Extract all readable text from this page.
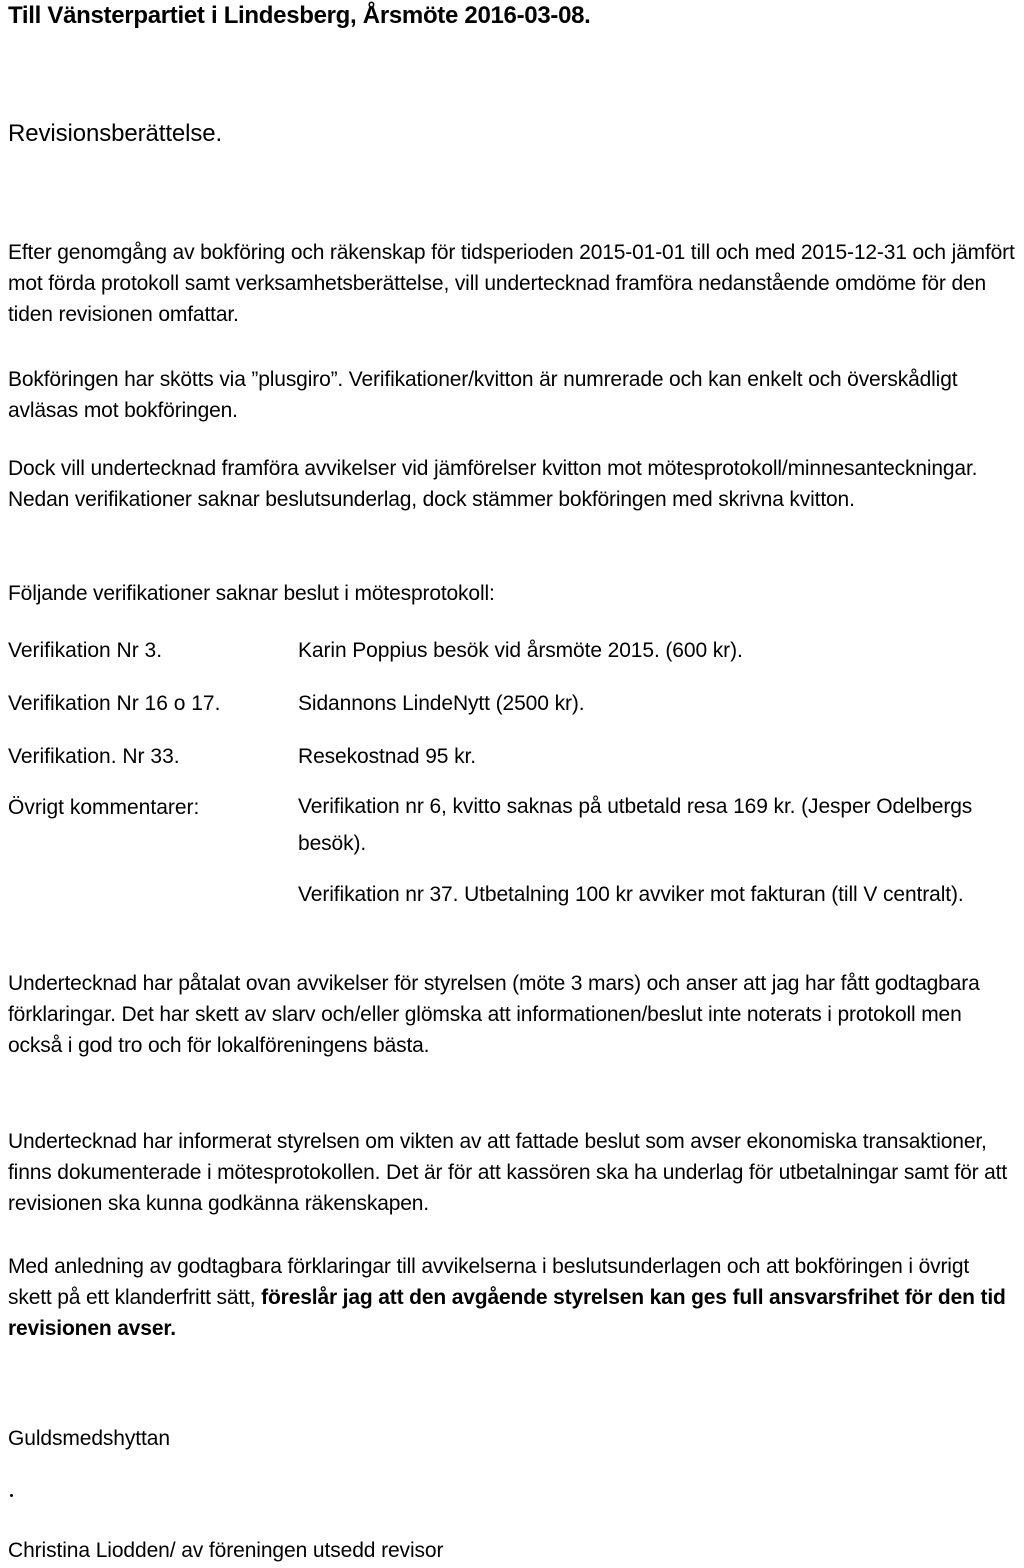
Till Vänsterpartiet i Lindesberg, Årsmöte 2016-03-08.
Revisionsberättelse.
Efter genomgång av bokföring och räkenskap för tidsperioden 2015-01-01 till och med 2015-12-31 och jämfört mot förda protokoll samt verksamhetsberättelse, vill undertecknad framföra nedanstående omdöme för den tiden revisionen omfattar.
Bokföringen har skötts via ”plusgiro”. Verifikationer/kvitton är numrerade och kan enkelt och överskådligt avläsas mot bokföringen.
Dock vill undertecknad framföra avvikelser vid jämförelser kvitton mot mötesprotokoll/minnesanteckningar. Nedan verifikationer saknar beslutsunderlag, dock stämmer bokföringen med skrivna kvitton.
Följande verifikationer saknar beslut i mötesprotokoll:
Verifikation Nr 3.	Karin Poppius besök vid årsmöte 2015. (600 kr).
Verifikation Nr 16 o 17.	Sidannons LindeNytt (2500 kr).
Verifikation. Nr 33.	Resekostnad 95 kr.
Övrigt kommentarer:	Verifikation nr 6, kvitto saknas på utbetald resa 169 kr. (Jesper Odelbergs besök).
Verifikation nr 37. Utbetalning 100 kr avviker mot fakturan (till V centralt).
Undertecknad har påtalat ovan avvikelser för styrelsen (möte 3 mars) och anser att jag har fått godtagbara förklaringar. Det har skett av slarv och/eller glömska att informationen/beslut inte noterats i protokoll men också i god tro och för lokalföreningens bästa.
Undertecknad har informerat styrelsen om vikten av att fattade beslut som avser ekonomiska transaktioner, finns dokumenterade i mötesprotokollen. Det är för att kassören ska ha underlag för utbetalningar samt för att revisionen ska kunna godkänna räkenskapen.
Med anledning av godtagbara förklaringar till avvikelserna i beslutsunderlagen och att bokföringen i övrigt skett på ett klanderfritt sätt, föreslår jag att den avgående styrelsen kan ges full ansvarsfrihet för den tid revisionen avser.
Guldsmedshyttan
Christina Liodden/ av föreningen utsedd revisor
